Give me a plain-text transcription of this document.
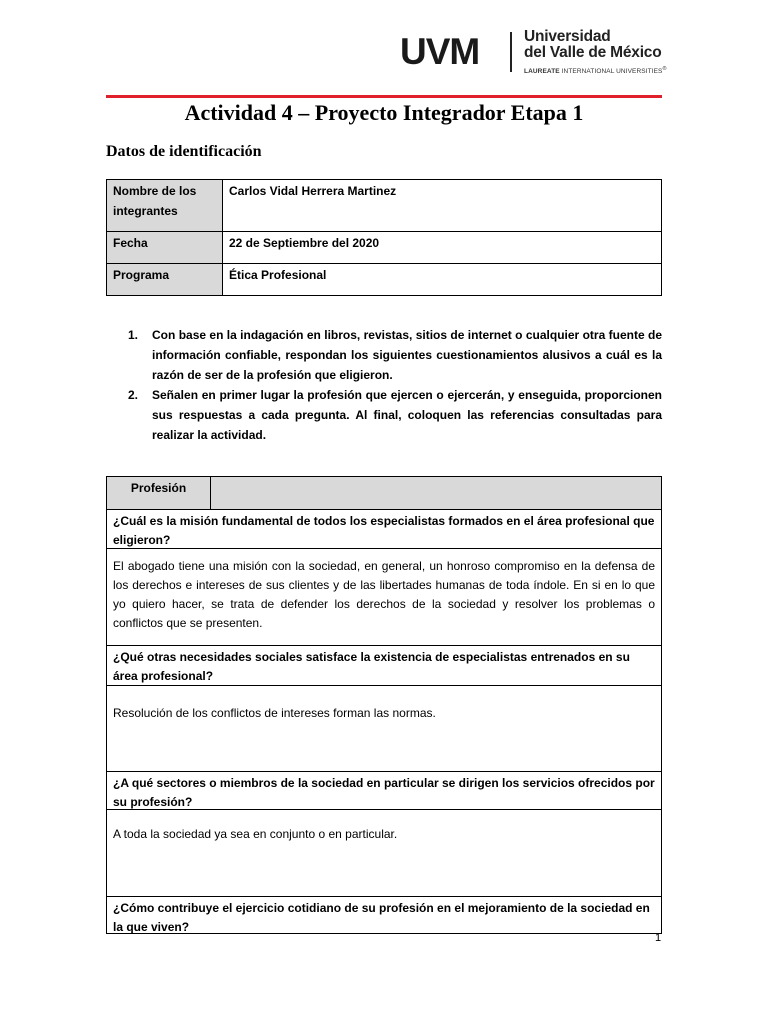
UVM	Universidad
del Valle de México
LAUREATE INTERNATIONAL UNIVERSITIES®
Actividad 4 – Proyecto Integrador Etapa 1
Datos de identificación
Nombre de los integrantes	Carlos Vidal Herrera Martinez
Fecha	22 de Septiembre del 2020
Programa	Ética Profesional
1. Con base en la indagación en libros, revistas, sitios de internet o cualquier otra fuente de información confiable, respondan los siguientes cuestionamientos alusivos a cuál es la razón de ser de la profesión que eligieron.
2. Señalen en primer lugar la profesión que ejercen o ejercerán, y enseguida, proporcionen sus respuestas a cada pregunta. Al final, coloquen las referencias consultadas para realizar la actividad.
Profesión
¿Cuál es la misión fundamental de todos los especialistas formados en el área profesional que eligieron?
El abogado tiene una misión con la sociedad, en general, un honroso compromiso en la defensa de los derechos e intereses de sus clientes y de las libertades humanas de toda índole. En si en lo que yo quiero hacer, se trata de defender los derechos de la sociedad y resolver los problemas o conflictos que se presenten.
¿Qué otras necesidades sociales satisface la existencia de especialistas entrenados en su área profesional?
Resolución de los conflictos de intereses forman las normas.
¿A qué sectores o miembros de la sociedad en particular se dirigen los servicios ofrecidos por su profesión?
A toda la sociedad ya sea en conjunto o en particular.
¿Cómo contribuye el ejercicio cotidiano de su profesión en el mejoramiento de la sociedad en la que viven?
1
